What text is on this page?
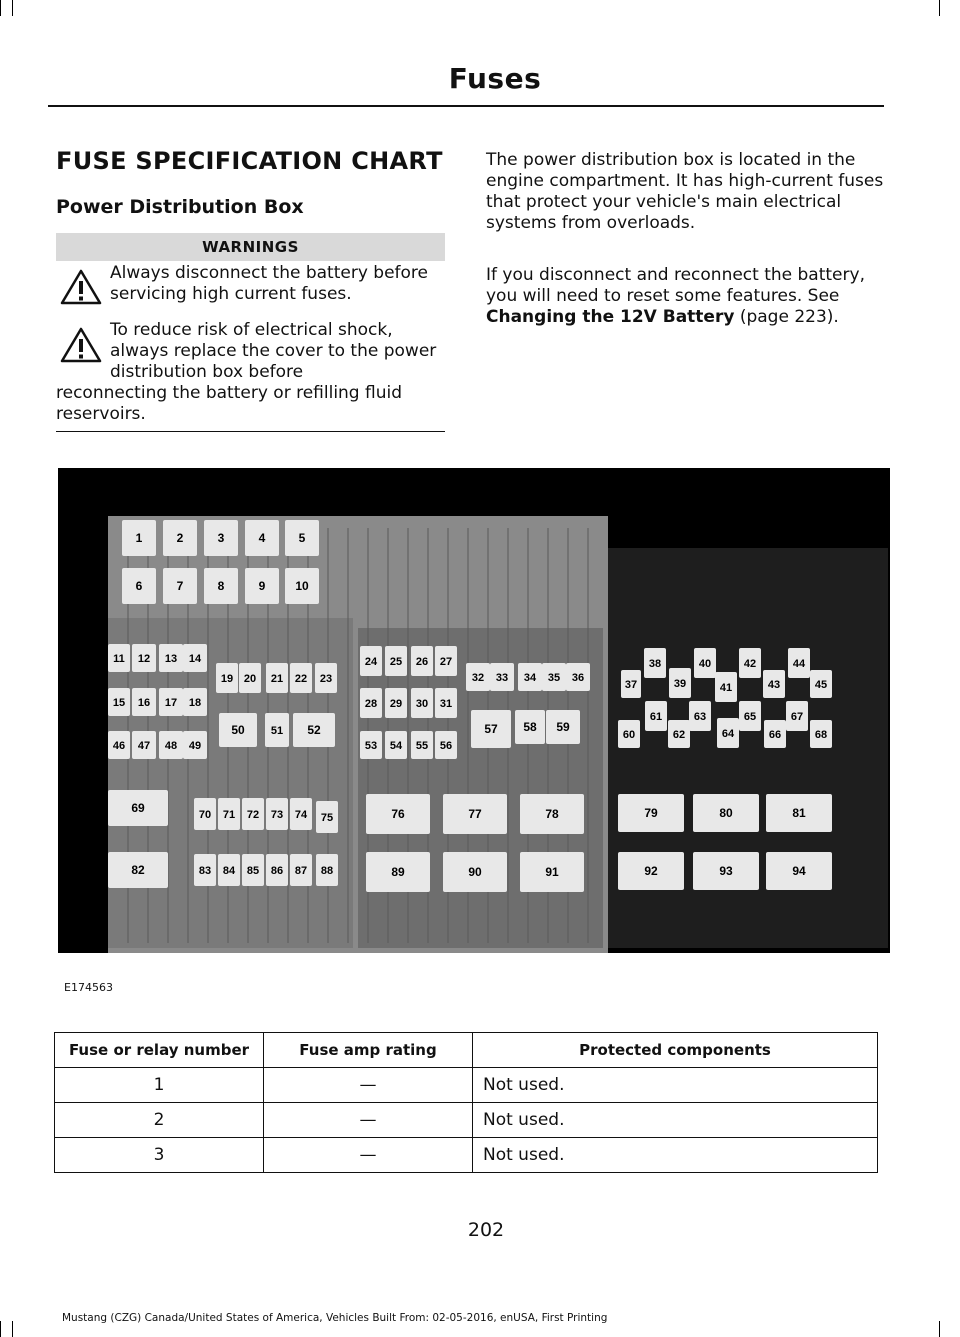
Fuses
FUSE SPECIFICATION CHART
Power Distribution Box
WARNINGS
Always disconnect the battery before servicing high current fuses.
To reduce risk of electrical shock, always replace the cover to the power distribution box before
reconnecting the battery or refilling fluid reservoirs.
The power distribution box is located in the engine compartment. It has high-current fuses that protect your vehicle's main electrical systems from overloads.
If you disconnect and reconnect the battery, you will need to reset some features. See Changing the 12V Battery (page 223).
1	2	3	4	5
6	7	8	9 10
11 12 13 14
15 16 17 18
19 20 21 22 23
24 25 26 27
28 29 30 31
32 33 34 35 36
37
38
39
40
41
42
43
44
45
46 47 48 49
50 51 52
53 54 55 56
57 58 59
60
61
62
63
64
65
66
67
68
69	70 71 72 73 74 75	76	77	78	79	80	81
82	83 84 85 86 87 88	89	90	91	92	93	94
E174563
Fuse or relay number	Fuse amp rating	Protected components
1	—	Not used.
2	—	Not used.
3	—	Not used.
202
Mustang (CZG) Canada/United States of America, Vehicles Built From: 02-05-2016, enUSA, First Printing
